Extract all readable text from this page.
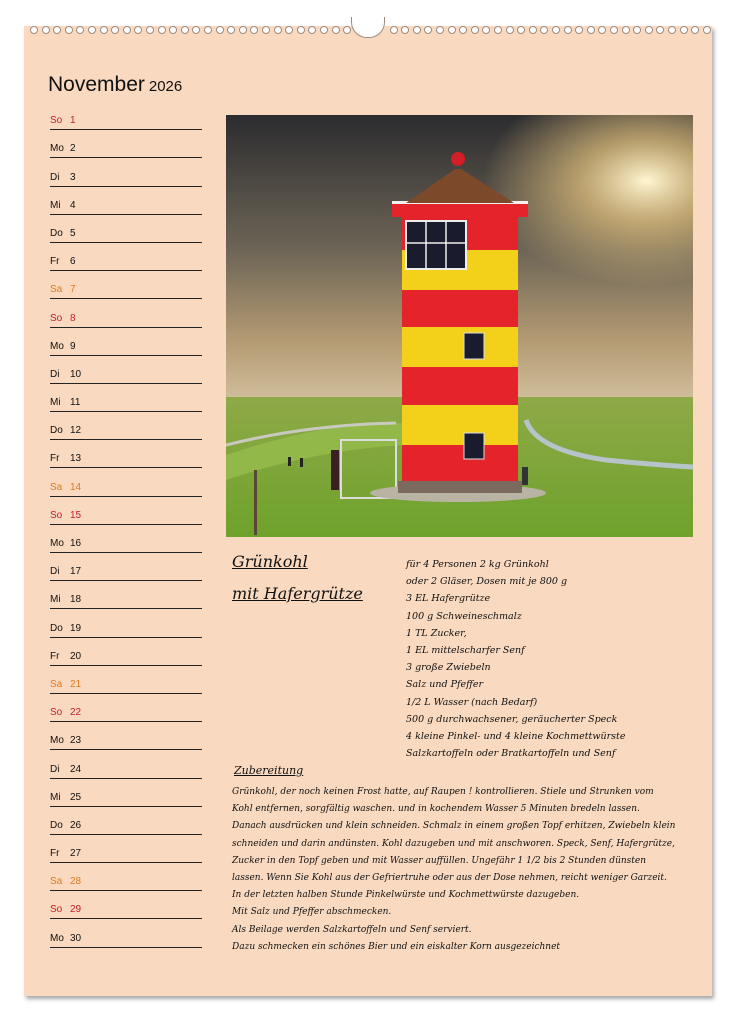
November 2026
So 1
Mo 2
Di 3
Mi 4
Do 5
Fr 6
Sa 7
So 8
Mo 9
Di 10
Mi 11
Do 12
Fr 13
Sa 14
So 15
Mo 16
Di 17
Mi 18
Do 19
Fr 20
Sa 21
So 22
Mo 23
Di 24
Mi 25
Do 26
Fr 27
Sa 28
So 29
Mo 30
Grünkohl
mit Hafergrütze
für 4 Personen 2 kg Grünkohl
oder 2 Gläser, Dosen mit je 800 g
3 EL Hafergrütze
100 g Schweineschmalz
1 TL Zucker,
1 EL mittelscharfer Senf
3 große Zwiebeln
Salz und Pfeffer
1/2 L Wasser (nach Bedarf)
500 g durchwachsener, geräucherter Speck
4 kleine Pinkel- und 4 kleine Kochmettwürste
Salzkartoffeln oder Bratkartoffeln und Senf
Zubereitung
Grünkohl, der noch keinen Frost hatte, auf Raupen ! kontrollieren. Stiele und Strunken vom
Kohl entfernen, sorgfältig waschen. und in kochendem Wasser 5 Minuten bredeln lassen.
Danach ausdrücken und klein schneiden. Schmalz in einem großen Topf erhitzen, Zwiebeln klein
schneiden und darin andünsten. Kohl dazugeben und mit anschworen. Speck, Senf, Hafergrütze,
Zucker in den Topf geben und mit Wasser auffüllen. Ungefähr 1 1/2 bis 2 Stunden dünsten
lassen. Wenn Sie Kohl aus der Gefriertruhe oder aus der Dose nehmen, reicht weniger Garzeit.
In der letzten halben Stunde Pinkelwürste und Kochmettwürste dazugeben.
Mit Salz und Pfeffer abschmecken.
Als Beilage werden Salzkartoffeln und Senf serviert.
Dazu schmecken ein schönes Bier und ein eiskalter Korn ausgezeichnet
